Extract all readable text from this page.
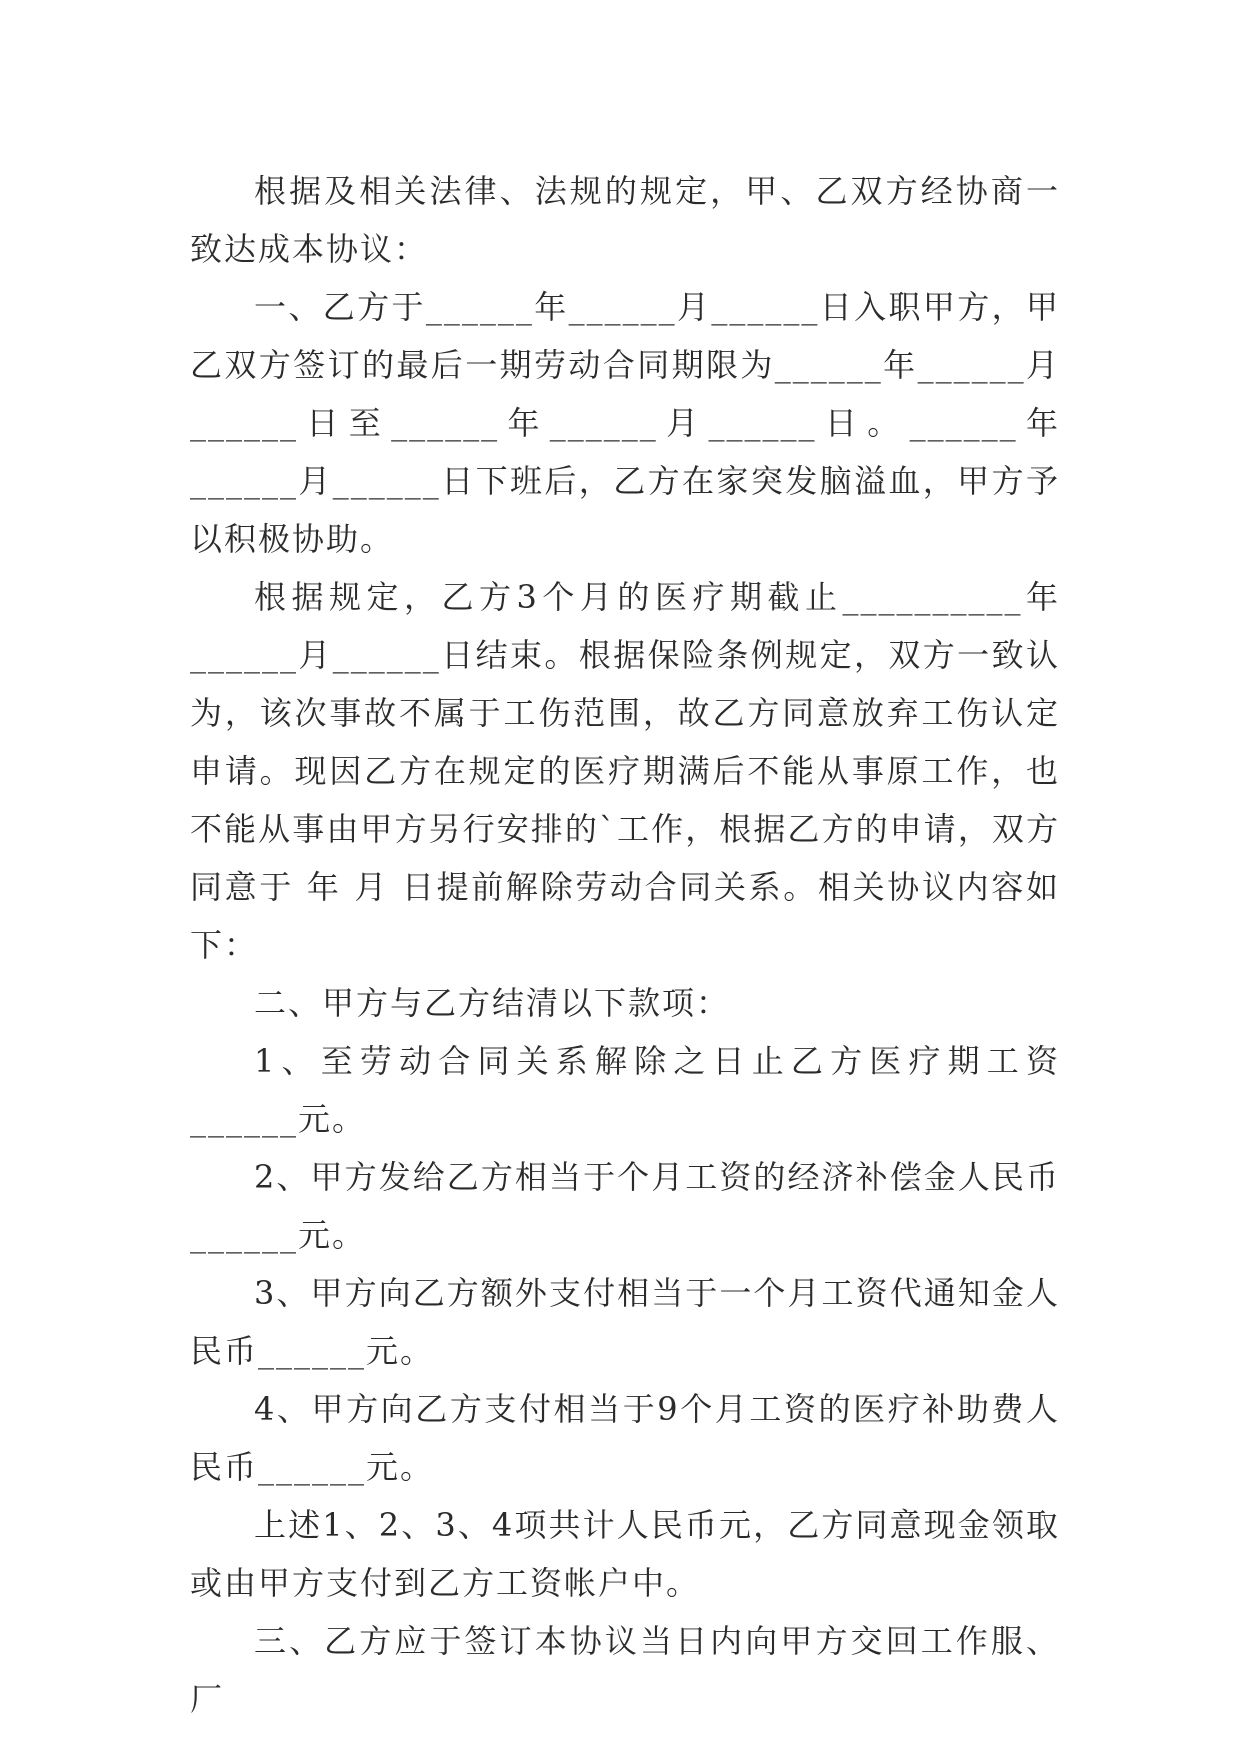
根据及相关法律、法规的规定，甲、乙双方经协商一致达成本协议：

一、乙方于______年______月______日入职甲方，甲乙双方签订的最后一期劳动合同期限为______年______月______日至______年______月______日。______年______月______日下班后，乙方在家突发脑溢血，甲方予以积极协助。

根据规定，乙方3个月的医疗期截止__________年______月______日结束。根据保险条例规定，双方一致认为，该次事故不属于工伤范围，故乙方同意放弃工伤认定申请。现因乙方在规定的医疗期满后不能从事原工作，也不能从事由甲方另行安排的`工作，根据乙方的申请，双方同意于 年 月 日提前解除劳动合同关系。相关协议内容如下：

二、甲方与乙方结清以下款项：

1、至劳动合同关系解除之日止乙方医疗期工资______元。

2、甲方发给乙方相当于个月工资的经济补偿金人民币______元。

3、甲方向乙方额外支付相当于一个月工资代通知金人民币______元。

4、甲方向乙方支付相当于9个月工资的医疗补助费人民币______元。

上述1、2、3、4项共计人民币元，乙方同意现金领取或由甲方支付到乙方工资帐户中。

三、乙方应于签订本协议当日内向甲方交回工作服、厂
